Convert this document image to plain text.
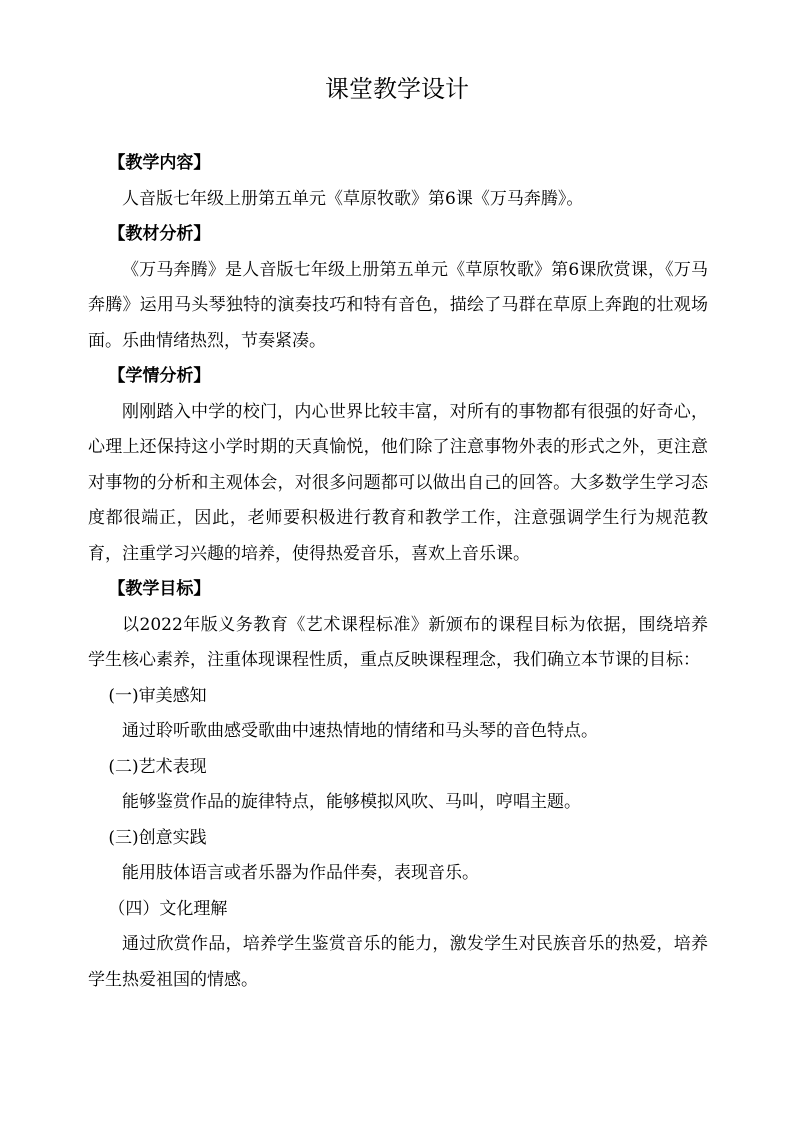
课堂教学设计

【教学内容】

人音版七年级上册第五单元《草原牧歌》第6课《万马奔腾》。

【教材分析】

《万马奔腾》是人音版七年级上册第五单元《草原牧歌》第6课欣赏课，《万马奔腾》运用马头琴独特的演奏技巧和特有音色，描绘了马群在草原上奔跑的壮观场面。乐曲情绪热烈，节奏紧凑。

【学情分析】

刚刚踏入中学的校门，内心世界比较丰富，对所有的事物都有很强的好奇心，心理上还保持这小学时期的天真愉悦，他们除了注意事物外表的形式之外，更注意对事物的分析和主观体会，对很多问题都可以做出自己的回答。大多数学生学习态度都很端正，因此，老师要积极进行教育和教学工作，注意强调学生行为规范教育，注重学习兴趣的培养，使得热爱音乐，喜欢上音乐课。

【教学目标】

以2022年版义务教育《艺术课程标准》新颁布的课程目标为依据，围绕培养学生核心素养，注重体现课程性质，重点反映课程理念，我们确立本节课的目标：

(一)审美感知

通过聆听歌曲感受歌曲中速热情地的情绪和马头琴的音色特点。

(二)艺术表现

能够鉴赏作品的旋律特点，能够模拟风吹、马叫，哼唱主题。

(三)创意实践

能用肢体语言或者乐器为作品伴奏，表现音乐。

（四）文化理解

通过欣赏作品，培养学生鉴赏音乐的能力，激发学生对民族音乐的热爱，培养学生热爱祖国的情感。
